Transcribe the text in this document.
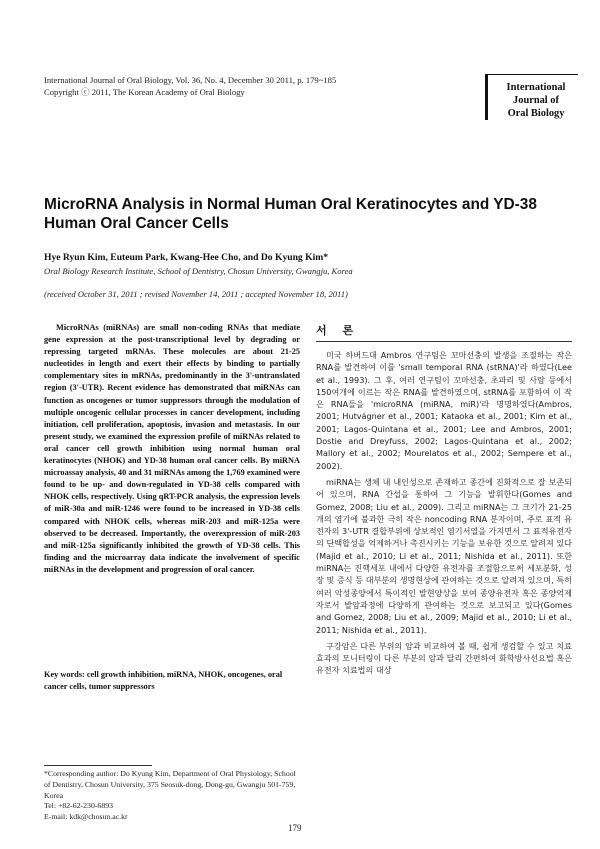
International Journal of Oral Biology, Vol. 36, No. 4, December 30 2011, p. 179~185
Copyright ⓒ 2011, The Korean Academy of Oral Biology	International
Journal of
Oral Biology
MicroRNA Analysis in Normal Human Oral Keratinocytes and YD-38 Human Oral Cancer Cells
Hye Ryun Kim, Euteum Park, Kwang-Hee Cho, and Do Kyung Kim*
Oral Biology Research Institute, School of Dentistry, Chosun University, Gwangju, Korea
(received October 31, 2011 ; revised November 14, 2011 ; accepted November 18, 2011)
MicroRNAs (miRNAs) are small non-coding RNAs that mediate gene expression at the post-transcriptional level by degrading or repressing targeted mRNAs. These molecules are about 21-25 nucleotides in length and exert their effects by binding to partially complementary sites in mRNAs, predominantly in the 3'-untranslated region (3'-UTR). Recent evidence has demonstrated that miRNAs can function as oncogenes or tumor suppressors through the modulation of multiple oncogenic cellular processes in cancer development, including initiation, cell proliferation, apoptosis, invasion and metastasis. In our present study, we examined the expression profile of miRNAs related to oral cancer cell growth inhibition using normal human oral keratinocytes (NHOK) and YD-38 human oral cancer cells. By miRNA microassay analysis, 40 and 31 miRNAs among the 1,769 examined were found to be up- and down-regulated in YD-38 cells compared with NHOK cells, respectively. Using qRT-PCR analysis, the expression levels of miR-30a and miR-1246 were found to be increased in YD-38 cells compared with NHOK cells, whereas miR-203 and miR-125a were observed to be decreased. Importantly, the overexpression of miR-203 and miR-125a significantly inhibited the growth of YD-38 cells. This finding and the microarray data indicate the involvement of specific miRNAs in the development and progression of oral cancer.
Key words: cell growth inhibition, miRNA, NHOK, oncogenes, oral cancer cells, tumor suppressors
*Corresponding author: Do Kyung Kim, Department of Oral Physiology, School of Dentistry, Chosun University, 375 Seosuk-dong, Dong-gu, Gwangju 501-759, Korea
Tel: +82-62-230-6893
E-mail: kdk@chosun.ac.kr
서 론

미국 하버드대 Ambros 연구팀은 꼬마선충의 발생을 조절하는 작은 RNA를 발견하여 이를 'small temporal RNA (stRNA)'라 하였다(Lee et al., 1993). 그 후, 여러 연구팀이 꼬마선충, 초파리 및 사람 등에서 150여개에 이르는 작은 RNA를 발견하였으며, stRNA를 포함하여 이 작은 RNA들을 'microRNA (miRNA, miR)'라 명명하였다(Ambros, 2001; Hutvágner et al., 2001; Kataoka et al., 2001; Kim et al., 2001; Lagos-Quintana et al., 2001; Lee and Ambros, 2001; Dostie and Dreyfuss, 2002; Lagos-Quintana et al., 2002; Mallory et al., 2002; Mourelatos et al., 2002; Sempere et al., 2002).

miRNA는 생체 내 내인성으로 존재하고 종간에 진화적으로 잘 보존되어 있으며, RNA 간섭을 통하여 그 기능을 발휘한다(Gomes and Gomez, 2008; Liu et al., 2009). 그리고 miRNA는 그 크기가 21-25개의 염기에 불과한 극히 작은 noncoding RNA 분자이며, 주로 표적 유전자의 3'-UTR 결합부위에 상보적인 염기서열을 가지면서 그 표적유전자의 단백합성을 억제하거나 촉진시키는 기능을 보유한 것으로 알려져 있다(Majid et al., 2010; Li et al., 2011; Nishida et al., 2011). 또한 miRNA는 진핵세포 내에서 다양한 유전자를 조절함으로써 세포분화, 성장 및 증식 등 대부분의 생명현상에 관여하는 것으로 알려져 있으며, 특히 여러 악성종양에서 특이적인 발현양상을 보여 종양유전자 혹은 종양억제자로서 발암과정에 다양하게 관여하는 것으로 보고되고 있다(Gomes and Gomez, 2008; Liu et al., 2009; Majid et al., 2010; Li et al., 2011; Nishida et al., 2011).

구강암은 다른 부위의 암과 비교하여 볼 때, 쉽게 생검할 수 있고 치료효과의 모니터링이 다른 부분의 암과 달리 간편하여 화학방사선요법 혹은 유전자 치료법의 대상

179
